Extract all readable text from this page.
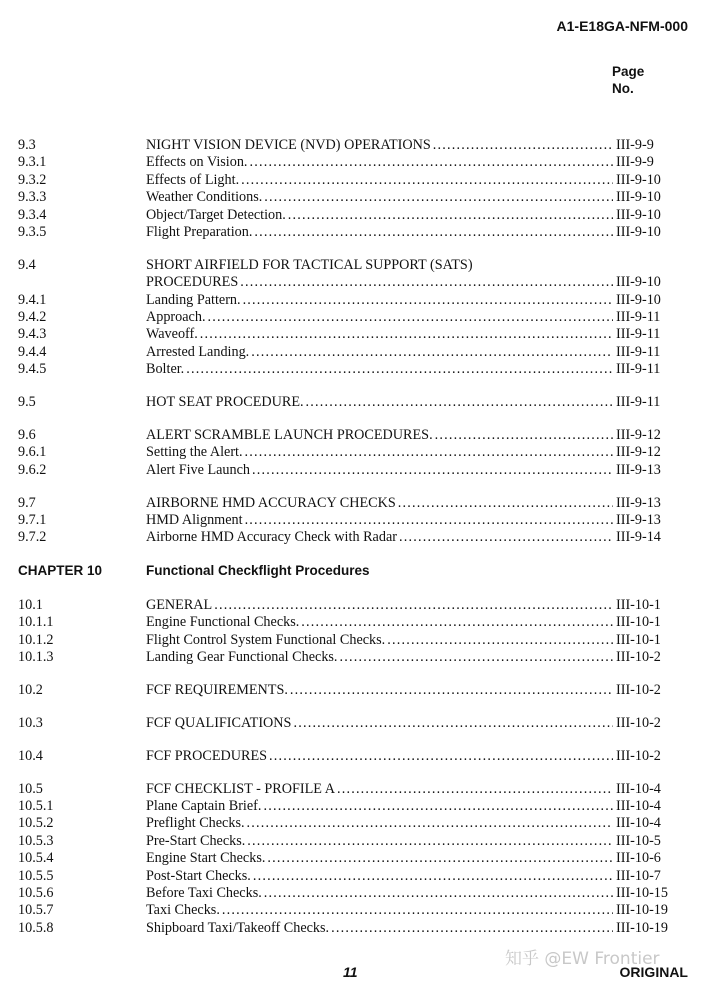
A1-E18GA-NFM-000
Page
No.
9.3	NIGHT VISION DEVICE (NVD) OPERATIONS .....	III-9-9
9.3.1	Effects on Vision. .....	III-9-9
9.3.2	Effects of Light. .....	III-9-10
9.3.3	Weather Conditions. .....	III-9-10
9.3.4	Object/Target Detection. .....	III-9-10
9.3.5	Flight Preparation. .....	III-9-10
9.4	SHORT AIRFIELD FOR TACTICAL SUPPORT (SATS)
PROCEDURES .....	III-9-10
9.4.1	Landing Pattern. .....	III-9-10
9.4.2	Approach. .....	III-9-11
9.4.3	Waveoff. .....	III-9-11
9.4.4	Arrested Landing. .....	III-9-11
9.4.5	Bolter. .....	III-9-11
9.5	HOT SEAT PROCEDURE. .....	III-9-11
9.6	ALERT SCRAMBLE LAUNCH PROCEDURES. .....	III-9-12
9.6.1	Setting the Alert. .....	III-9-12
9.6.2	Alert Five Launch .....	III-9-13
9.7	AIRBORNE HMD ACCURACY CHECKS .....	III-9-13
9.7.1	HMD Alignment .....	III-9-13
9.7.2	Airborne HMD Accuracy Check with Radar .....	III-9-14
CHAPTER 10	Functional Checkflight Procedures
10.1	GENERAL .....	III-10-1
10.1.1	Engine Functional Checks. .....	III-10-1
10.1.2	Flight Control System Functional Checks. .....	III-10-1
10.1.3	Landing Gear Functional Checks. .....	III-10-2
10.2	FCF REQUIREMENTS. .....	III-10-2
10.3	FCF QUALIFICATIONS .....	III-10-2
10.4	FCF PROCEDURES .....	III-10-2
10.5	FCF CHECKLIST - PROFILE A .....	III-10-4
10.5.1	Plane Captain Brief. .....	III-10-4
10.5.2	Preflight Checks. .....	III-10-4
10.5.3	Pre-Start Checks. .....	III-10-5
10.5.4	Engine Start Checks. .....	III-10-6
10.5.5	Post-Start Checks. .....	III-10-7
10.5.6	Before Taxi Checks. .....	III-10-15
10.5.7	Taxi Checks. .....	III-10-19
10.5.8	Shipboard Taxi/Takeoff Checks. .....	III-10-19
知乎 @EW Frontier
11	ORIGINAL
